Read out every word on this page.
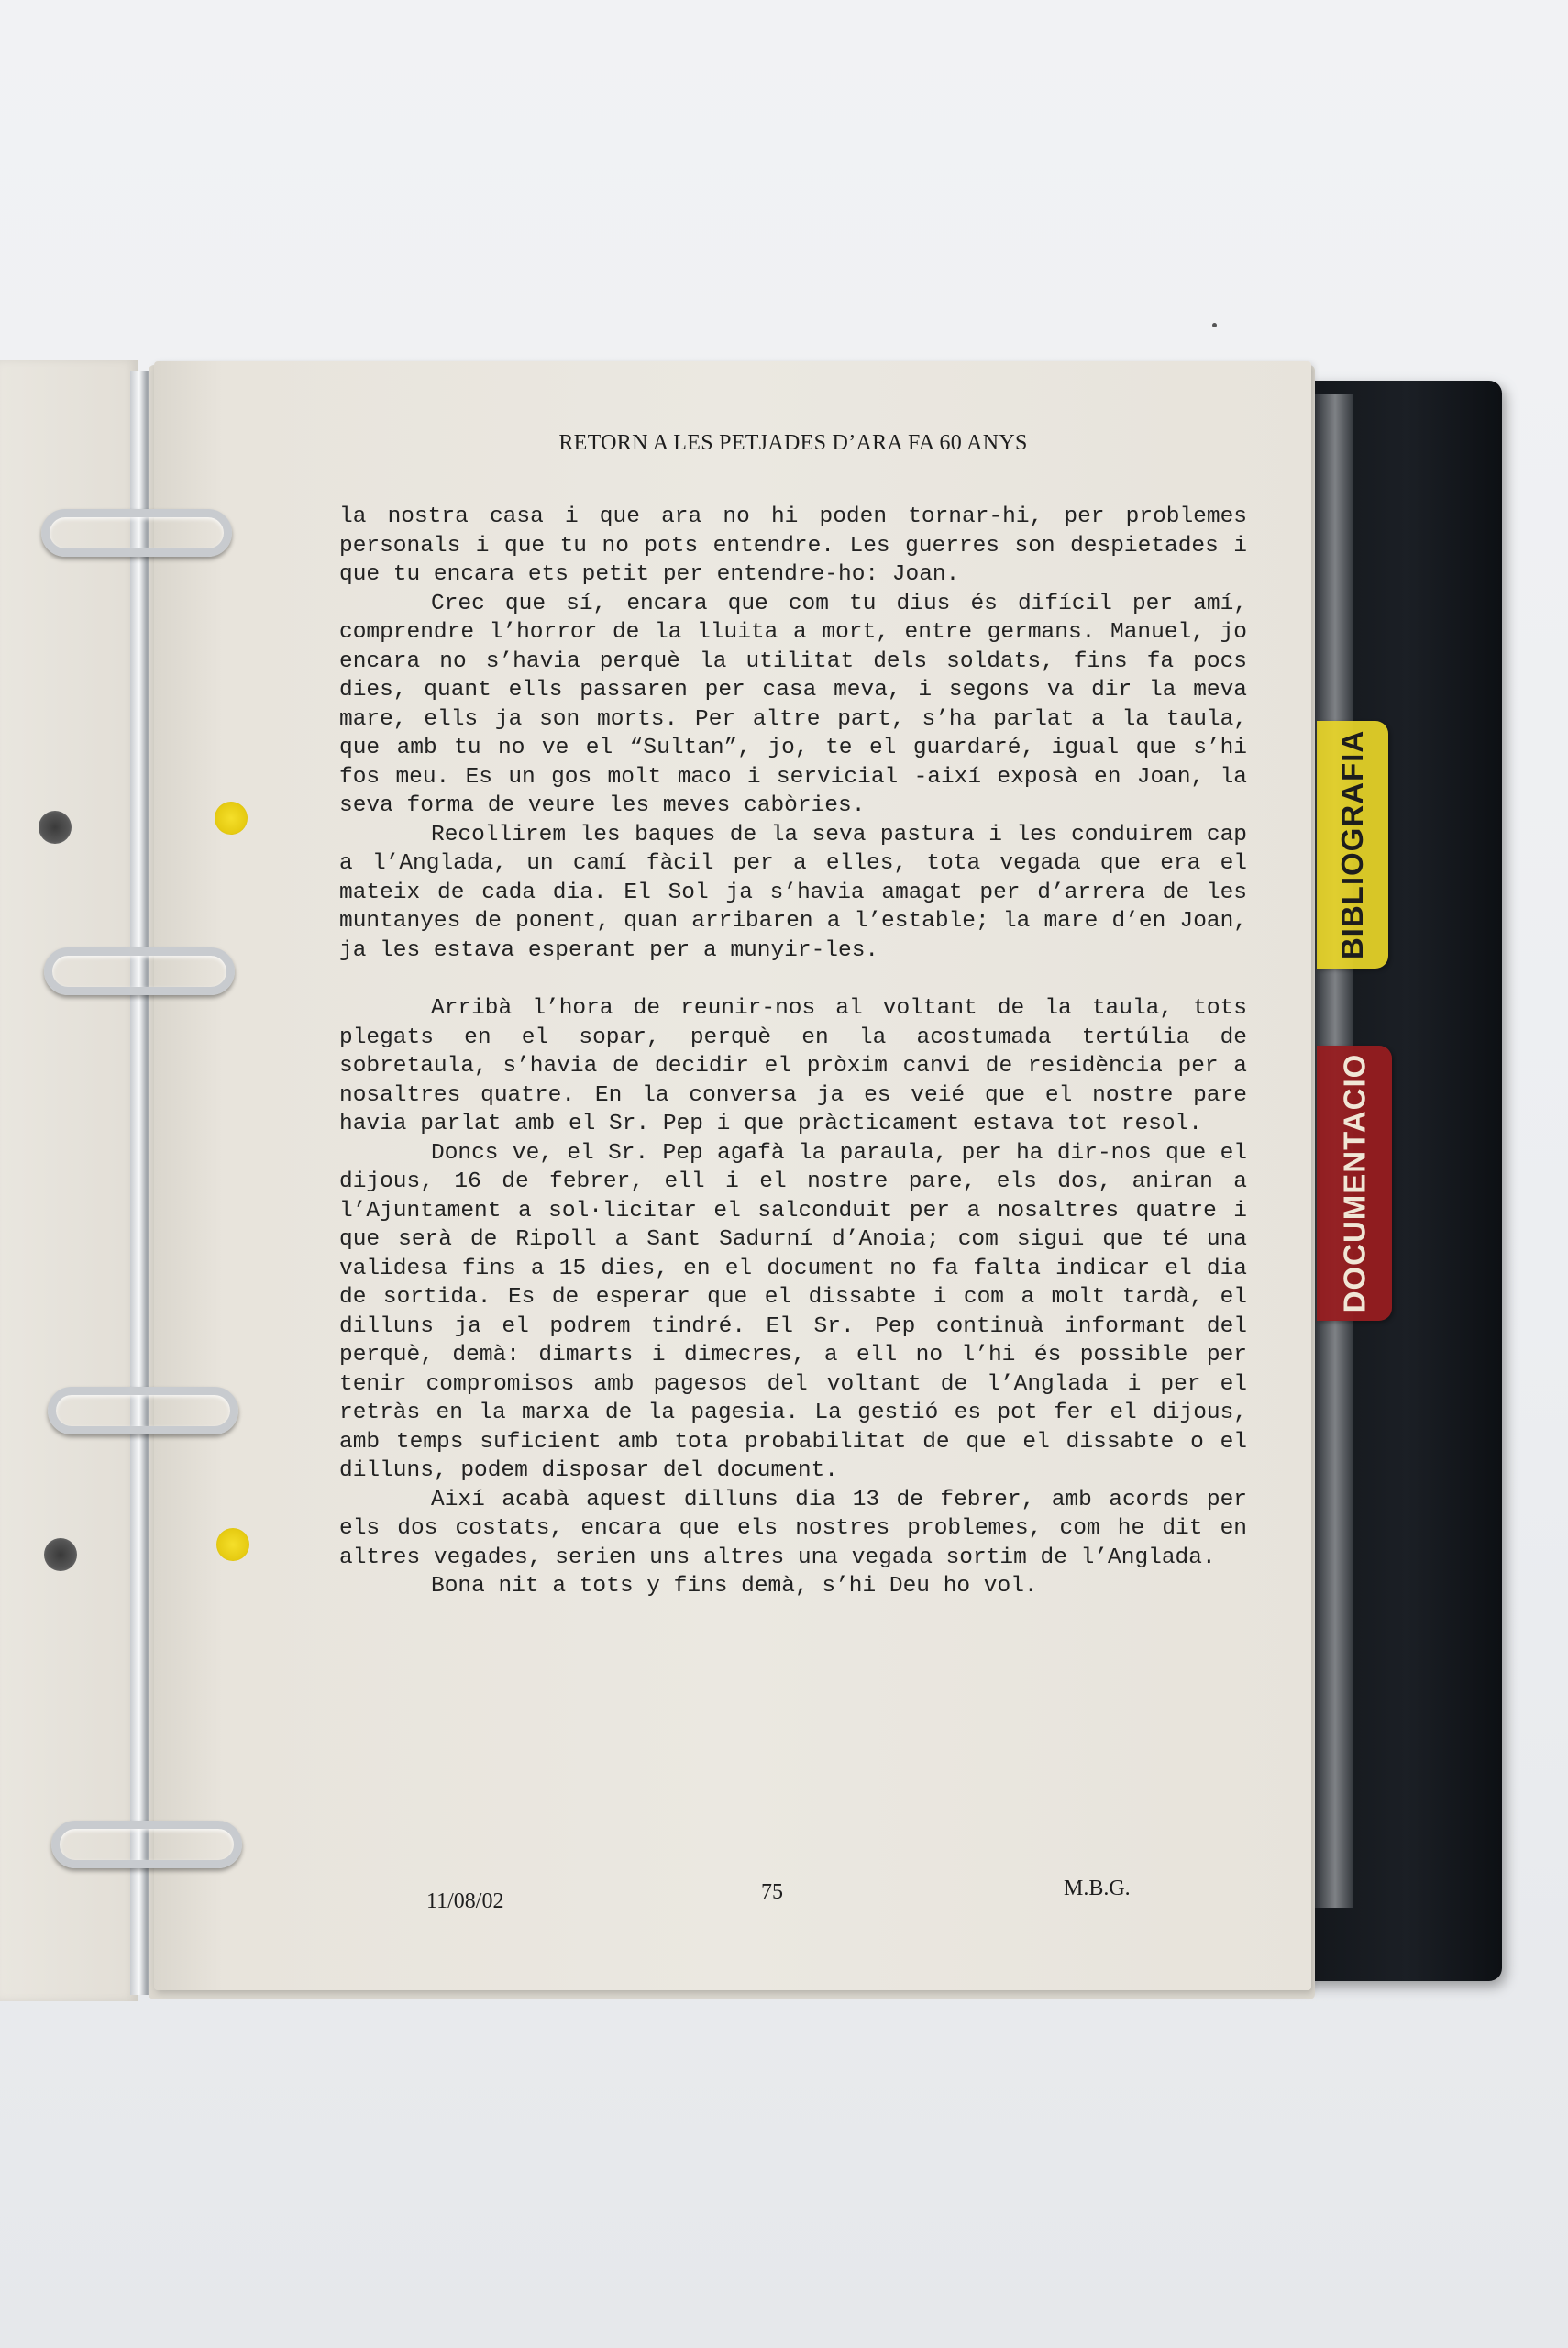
BIBLIOGRAFIA
DOCUMENTACIO
RETORN A LES PETJADES D’ARA FA 60 ANYS

la nostra casa i que ara no hi poden tornar-hi, per problemes personals i que tu no pots entendre. Les guerres son despietades i que tu encara ets petit per entendre-ho: Joan.

Crec que sí, encara que com tu dius és difícil per amí, comprendre l’horror de la lluita a mort, entre germans. Manuel, jo encara no s’havia perquè la utilitat dels soldats, fins fa pocs dies, quant ells passaren per casa meva, i segons va dir la meva mare, ells ja son morts. Per altre part, s’ha parlat a la taula, que amb tu no ve el “Sultan”, jo, te el guardaré, igual que s’hi fos meu. Es un gos molt maco i servicial -així exposà en Joan, la seva forma de veure les meves cabòries.

Recollirem les baques de la seva pastura i les conduirem cap a l’Anglada, un camí fàcil per a elles, tota vegada que era el mateix de cada dia. El Sol ja s’havia amagat per d’arrera de les muntanyes de ponent, quan arribaren a l’estable; la mare d’en Joan, ja les estava esperant per a munyir-les.

Arribà l’hora de reunir-nos al voltant de la taula, tots plegats en el sopar, perquè en la acostumada tertúlia de sobretaula, s’havia de decidir el pròxim canvi de residència per a nosaltres quatre. En la conversa ja es veié que el nostre pare havia parlat amb el Sr. Pep i que pràcticament estava tot resol.

Doncs ve, el Sr. Pep agafà la paraula, per ha dir-nos que el dijous, 16 de febrer, ell i el nostre pare, els dos, aniran a l’Ajuntament a sol·licitar el salconduit per a nosaltres quatre i que serà de Ripoll a Sant Sadurní d’Anoia; com sigui que té una validesa fins a 15 dies, en el document no fa falta indicar el dia de sortida. Es de esperar que el dissabte i com a molt tardà, el dilluns ja el podrem tindré. El Sr. Pep continuà informant del perquè, demà: dimarts i dimecres, a ell no l’hi és possible per tenir compromisos amb pagesos del voltant de l’Anglada i per el retràs en la marxa de la pagesia. La gestió es pot fer el dijous, amb temps suficient amb tota probabilitat de que el dissabte o el dilluns, podem disposar del document.

Així acabà aquest dilluns dia 13 de febrer, amb acords per els dos costats, encara que els nostres problemes, com he dit en altres vegades, serien uns altres una vegada sortim de l’Anglada.

Bona nit a tots y fins demà, s’hi Deu ho vol.

11/08/02	75	M.B.G.
